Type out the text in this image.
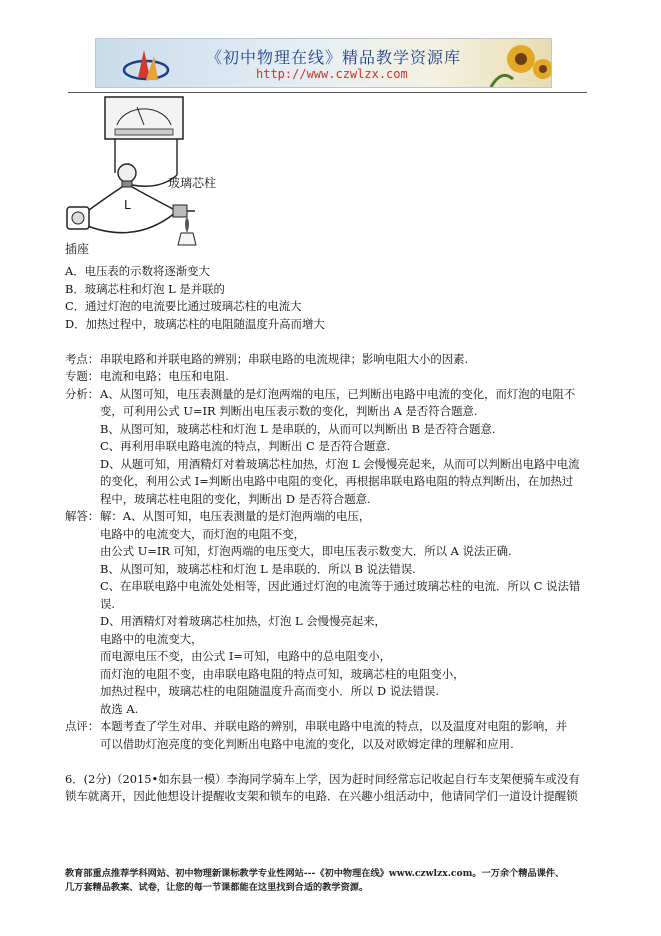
《初中物理在线》精品教学资源库
http://www.czwlzx.com
玻璃芯柱
L
插座
A．电压表的示数将逐渐变大
B．玻璃芯柱和灯泡 L 是并联的
C．通过灯泡的电流要比通过玻璃芯柱的电流大
D．加热过程中，玻璃芯柱的电阻随温度升高而增大
考点： 串联电路和并联电路的辨别；串联电路的电流规律；影响电阻大小的因素.
专题： 电流和电路；电压和电阻.
分析： A、从图可知，电压表测量的是灯泡两端的电压，已判断出电路中电流的变化，而灯泡的电阻不
变，可利用公式 U=IR 判断出电压表示数的变化，判断出 A 是否符合题意.
B、从图可知，玻璃芯柱和灯泡 L 是串联的，从而可以判断出 B 是否符合题意.
C、再利用串联电路电流的特点，判断出 C 是否符合题意.
D、从题可知，用酒精灯对着玻璃芯柱加热，灯泡 L 会慢慢亮起来，从而可以判断出电路中电流
的变化，利用公式 I=判断出电路中电阻的变化，再根据串联电路电阻的特点判断出，在加热过
程中，玻璃芯柱电阻的变化，判断出 D 是否符合题意.
解答： 解：A、从图可知，电压表测量的是灯泡两端的电压，
电路中的电流变大，而灯泡的电阻不变，
由公式 U=IR 可知，灯泡两端的电压变大，即电压表示数变大．所以 A 说法正确.
B、从图可知，玻璃芯柱和灯泡 L 是串联的．所以 B 说法错误.
C、在串联电路中电流处处相等，因此通过灯泡的电流等于通过玻璃芯柱的电流．所以 C 说法错
误.
D、用酒精灯对着玻璃芯柱加热，灯泡 L 会慢慢亮起来，
电路中的电流变大，
而电源电压不变，由公式 I=可知，电路中的总电阻变小，
而灯泡的电阻不变，由串联电路电阻的特点可知，玻璃芯柱的电阻变小，
加热过程中，玻璃芯柱的电阻随温度升高而变小．所以 D 说法错误.
故选 A.
点评： 本题考查了学生对串、并联电路的辨别，串联电路中电流的特点，以及温度对电阻的影响，并
可以借助灯泡亮度的变化判断出电路中电流的变化，以及对欧姆定律的理解和应用.
6．(2分)（2015•如东县一模）李海同学骑车上学，因为赶时间经常忘记收起自行车支架便骑车或没有
锁车就离开，因此他想设计提醒收支架和锁车的电路．在兴趣小组活动中，他请同学们一道设计提醒锁
教育部重点推荐学科网站、初中物理新课标教学专业性网站---《初中物理在线》www.czwlzx.com。一万余个精品课件、
几万套精品教案、试卷，让您的每一节课都能在这里找到合适的教学资源。
